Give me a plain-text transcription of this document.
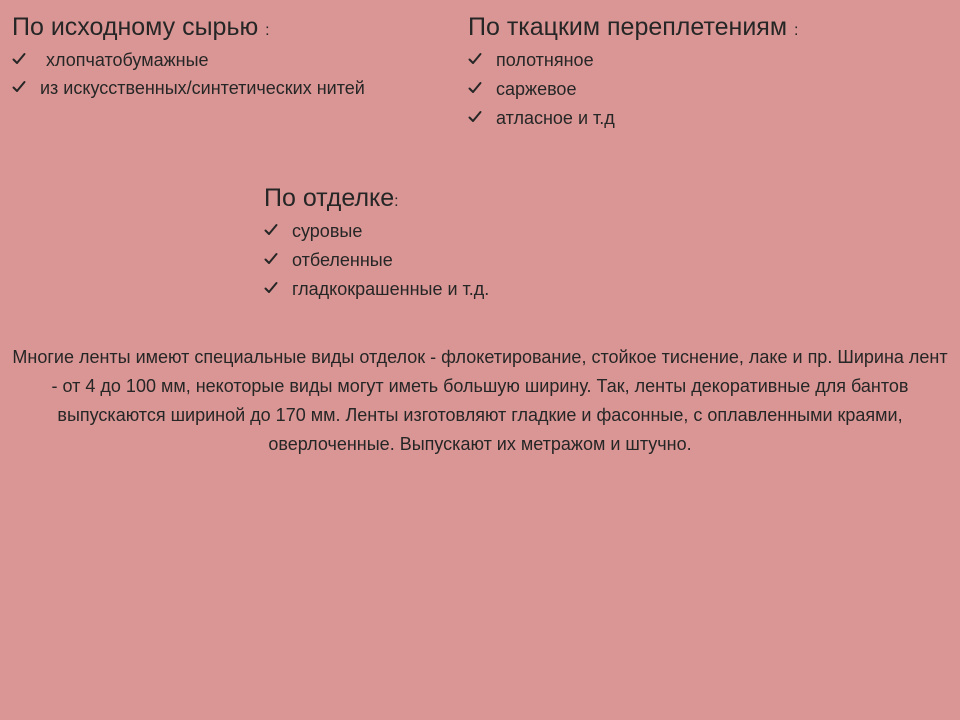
По исходному сырью :
хлопчатобумажные
из искусственных/синтетических нитей
По ткацким переплетениям :
полотняное
саржевое
атласное и т.д
По отделке:
суровые
отбеленные
гладкокрашенные и т.д.

Многие ленты имеют специальные виды отделок - флокетирование, стойкое тиснение, лаке и пр. Ширина лент - от 4 до 100 мм, некоторые виды могут иметь большую ширину. Так, ленты декоративные для бантов выпускаются шириной до 170 мм. Ленты изготовляют гладкие и фасонные, с оплавленными краями, оверлоченные. Выпускают их метражом и штучно.
